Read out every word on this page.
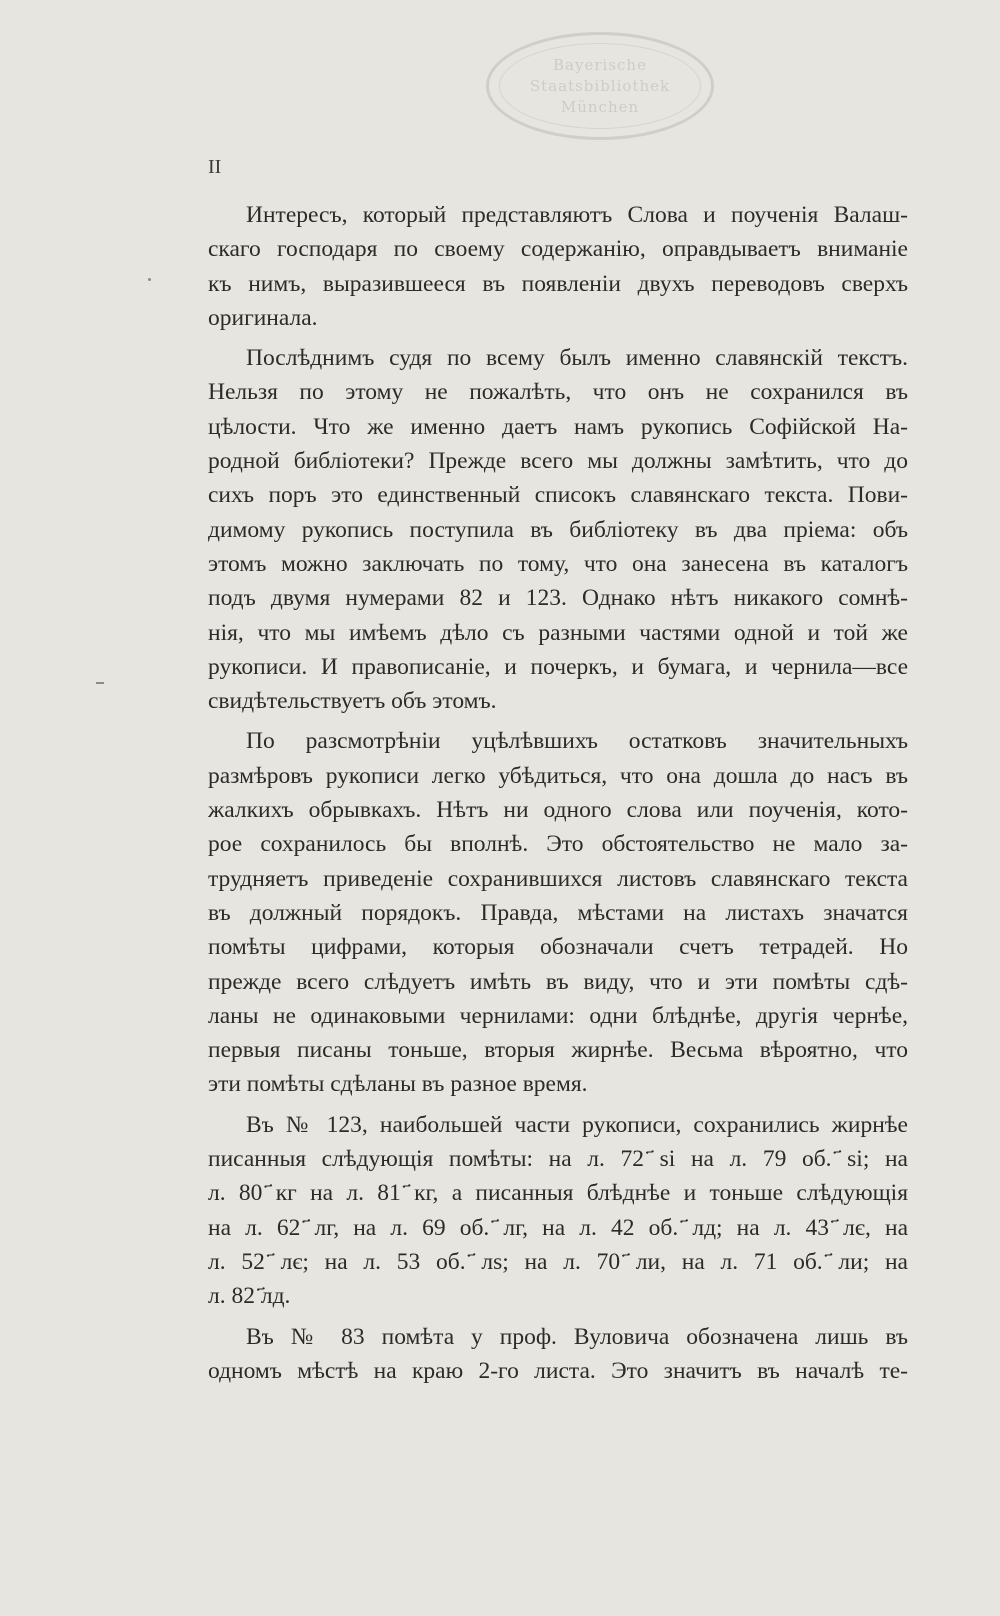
Bayerische
Staatsbibliothek
München
II
Интересъ, который представляютъ Слова и поученія Валаш-
скаго господаря по своему содержанію, оправдываетъ вниманіе
къ нимъ, выразившееся въ появленіи двухъ переводовъ сверхъ
оригинала.
Послѣднимъ судя по всему былъ именно славянскій текстъ.
Нельзя по этому не пожалѣть, что онъ не сохранился въ
цѣлости. Что же именно даетъ намъ рукопись Софійской На-
родной библіотеки? Прежде всего мы должны замѣтить, что до
сихъ поръ это единственный списокъ славянскаго текста. Пови-
димому рукопись поступила въ библіотеку въ два пріема: объ
этомъ можно заключать по тому, что она занесена въ каталогъ
подъ двумя нумерами 82 и 123. Однако нѣтъ никакого сомнѣ-
нія, что мы имѣемъ дѣло съ разными частями одной и той же
рукописи. И правописаніе, и почеркъ, и бумага, и чернила—все
свидѣтельствуетъ объ этомъ.
По разсмотрѣніи уцѣлѣвшихъ остатковъ значительныхъ
размѣровъ рукописи легко убѣдиться, что она дошла до насъ въ
жалкихъ обрывкахъ. Нѣтъ ни одного слова или поученія, кото-
рое сохранилось бы вполнѣ. Это обстоятельство не мало за-
трудняетъ приведеніе сохранившихся листовъ славянскаго текста
въ должный порядокъ. Правда, мѣстами на листахъ значатся
помѣты цифрами, которыя обозначали счетъ тетрадей. Но
прежде всего слѣдуетъ имѣть въ виду, что и эти помѣты сдѣ-
ланы не одинаковыми чернилами: одни блѣднѣе, другія чернѣе,
первыя писаны тоньше, вторыя жирнѣе. Весьма вѣроятно, что
эти помѣты сдѣланы въ разное время.
Въ № 123, наибольшей части рукописи, сохранились жирнѣе
писанныя слѣдующія помѣты: на л. 72 ҃ѕі на л. 79 об. ҃ѕі; на
л. 80 ҃кг на л. 81 ҃кг, а писанныя блѣднѣе и тоньше слѣдующія
на л. 62 ҃лг, на л. 69 об. ҃лг, на л. 42 об. ҃лд; на л. 43 ҃лє, на
л. 52 ҃лє; на л. 53 об. ҃лѕ; на л. 70 ҃ли, на л. 71 об. ҃ли; на
л. 82 ҃лд.
Въ № 83 помѣта у проф. Вуловича обозначена лишь въ
одномъ мѣстѣ на краю 2-го листа. Это значитъ въ началѣ те-
